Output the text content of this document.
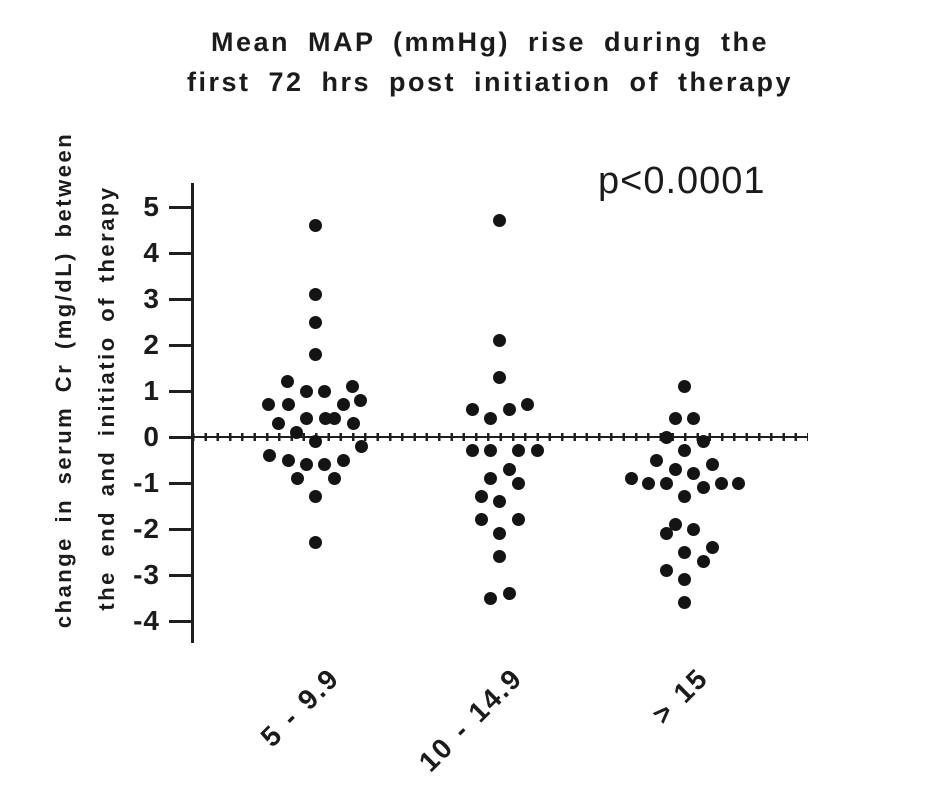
Mean MAP (mmHg) rise during the
first 72 hrs post initiation of therapy
p<0.0001
change in serum Cr (mg/dL) between the end and initiatio of therapy 5
4
3
2
1
0
-1
-2
-3
-4
5 - 9.9 10 - 14.9	> 15
